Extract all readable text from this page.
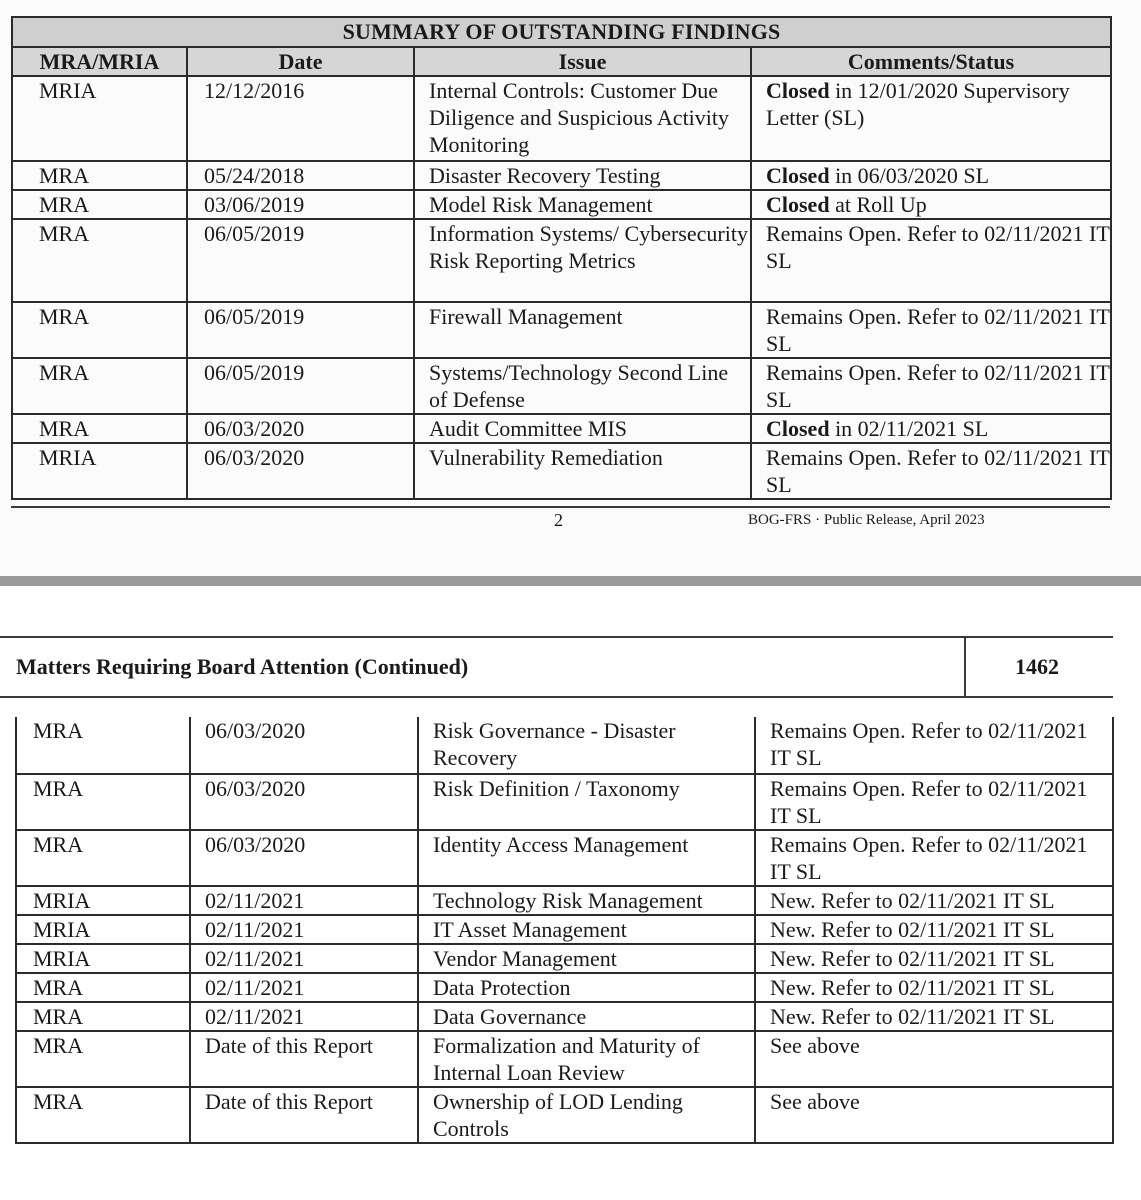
SUMMARY OF OUTSTANDING FINDINGS			
MRA/MRIA	Date	Issue	Comments/Status
MRIA	12/12/2016	Internal Controls: Customer Due Diligence and Suspicious Activity Monitoring	Closed in 12/01/2020 Supervisory Letter (SL)
MRA	05/24/2018	Disaster Recovery Testing	Closed in 06/03/2020 SL
MRA	03/06/2019	Model Risk Management	Closed at Roll Up
MRA	06/05/2019	Information Systems/ Cybersecurity Risk Reporting Metrics	Remains Open. Refer to 02/11/2021 IT SL
MRA	06/05/2019	Firewall Management	Remains Open. Refer to 02/11/2021 IT SL
MRA	06/05/2019	Systems/Technology Second Line of Defense	Remains Open. Refer to 02/11/2021 IT SL
MRA	06/03/2020	Audit Committee MIS	Closed in 02/11/2021 SL
MRIA	06/03/2020	Vulnerability Remediation	Remains Open. Refer to 02/11/2021 IT SL
2	BOG-FRS · Public Release, April 2023
Matters Requiring Board Attention (Continued)	1462
MRA	06/03/2020	Risk Governance - Disaster Recovery	Remains Open. Refer to 02/11/2021 IT SL
MRA	06/03/2020	Risk Definition / Taxonomy	Remains Open. Refer to 02/11/2021 IT SL
MRA	06/03/2020	Identity Access Management	Remains Open. Refer to 02/11/2021 IT SL
MRIA	02/11/2021	Technology Risk Management	New. Refer to 02/11/2021 IT SL
MRIA	02/11/2021	IT Asset Management	New. Refer to 02/11/2021 IT SL
MRIA	02/11/2021	Vendor Management	New. Refer to 02/11/2021 IT SL
MRA	02/11/2021	Data Protection	New. Refer to 02/11/2021 IT SL
MRA	02/11/2021	Data Governance	New. Refer to 02/11/2021 IT SL
MRA	Date of this Report	Formalization and Maturity of Internal Loan Review	See above
MRA	Date of this Report	Ownership of LOD Lending Controls	See above
